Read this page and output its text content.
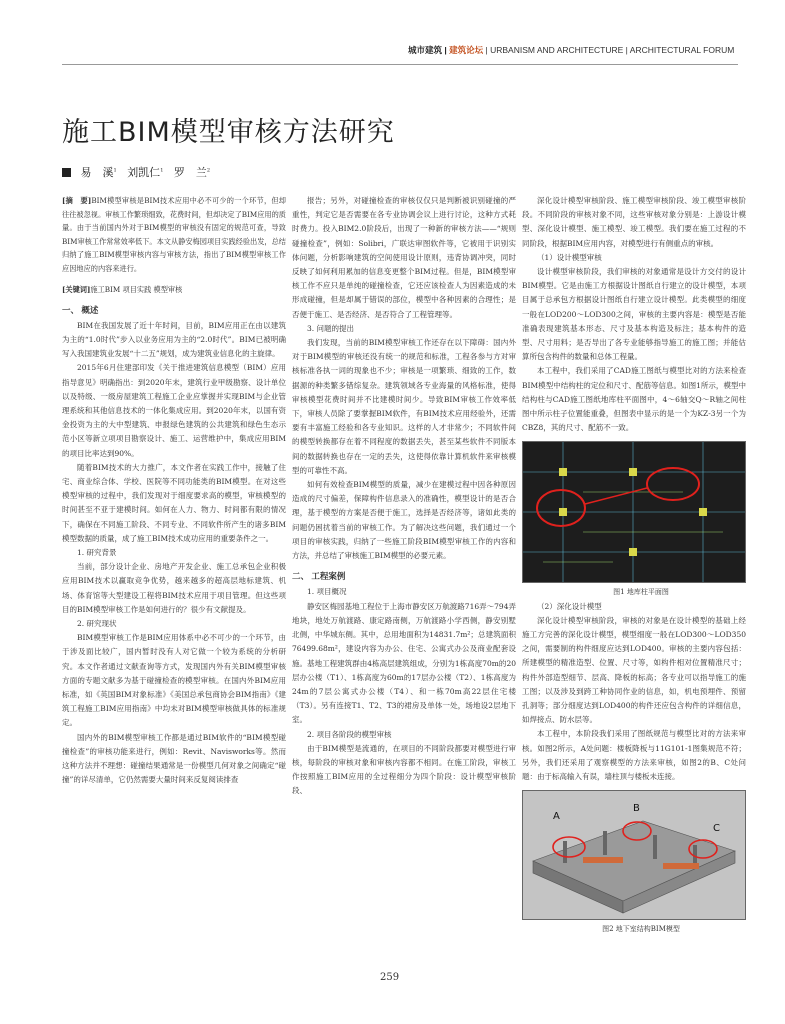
城市建筑 | 建筑论坛 | URBANISM AND ARCHITECTURE | ARCHITECTURAL FORUM
施工BIM模型审核方法研究
易　溪$^1$ 刘凯仁$^1$ 罗　兰$^2$

[摘　要]BIM模型审核是BIM技术应用中必不可少的一个环节，但却往往被忽视。审核工作繁琐细致，花费时间，但却决定了BIM应用的质量。由于当前国内外对于BIM模型的审核没有固定的规范可查，导致BIM审核工作常常效率低下。本文从静安梅园项目实践经验出发，总结归纳了施工BIM模型审核内容与审核方法，指出了BIM模型审核工作应因地应的内容来进行。

[关键词]施工BIM 项目实践 模型审核

一、 概述

BIM在我国发展了近十年时间，目前，BIM应用正在由以建筑为主的“1.0时代”步入以业务应用为主的“2.0时代”。BIM已被明确写入我国建筑业发展“十二五”规划，成为建筑业信息化的主旋律。

2015年6月住建部印发《关于推进建筑信息模型（BIM）应用指导意见》明确指出：到2020年末，建筑行业甲级勘察、设计单位以及特级、一级房屋建筑工程施工企业应掌握并实现BIM与企业管理系统和其他信息技术的一体化集成应用。到2020年末，以国有资金投资为主的大中型建筑、申报绿色建筑的公共建筑和绿色生态示范小区等新立项项目勘察设计、施工、运营维护中，集成应用BIM的项目比率达到90%。

随着BIM技术的大力推广，本文作者在实践工作中，接触了住宅、商业综合体、学校、医院等不同功能类的BIM模型。在对这些模型审核的过程中，我们发现对于细度要求高的模型，审核模型的时间甚至不亚于建模时间。如何在人力、物力、时间都有限的情况下，确保在不同施工阶段、不同专业、不同软件所产生的诸多BIM模型数据的质量，成了施工BIM技术成功应用的重要条件之一。

1. 研究背景

当前，部分设计企业、房地产开发企业、施工总承包企业积极应用BIM技术以赢取竞争优势，越来越多的超高层地标建筑、机场、体育馆等大型建设工程将BIM技术应用于项目管理。但这些项目的BIM模型审核工作是如何进行的？很少有文献提及。

2. 研究现状

BIM模型审核工作是BIM应用体系中必不可少的一个环节，由于涉及面比较广，国内暂时没有人对它做一个较为系统的分析研究。本文作者通过文献查询等方式，发现国内外有关BIM模型审核方面的专题文献多为基于碰撞检查的模型审核。在国内外BIM应用标准，如《英国BIM对象标准》《美国总承包商协会BIM指南》《建筑工程施工BIM应用指南》中均未对BIM模型审核做具体的标准规定。

国内外的BIM模型审核工作都是通过BIM软件的“BIM模型碰撞检查”的审核功能来进行，例如：Revit、Navisworks等。然而这种方法并不理想：碰撞结果通常是一份模型几何对象之间确定“碰撞”的详尽清单，它仍然需要大量时间来反复阅读排查

报告；另外，对碰撞检查的审核仅仅只是判断被识别碰撞的严重性，判定它是否需要在各专业协调会议上进行讨论，这种方式耗时费力。投入BIM2.0阶段后，出现了一种新的审核方法——“规则碰撞检查”，例如：Solibri，广联达审图软件等，它被用于识别实体问题，分析影响建筑的空间使用设计原则，违背协调冲突，同时反映了如何利用累加的信息变更整个BIM过程。但是，BIM模型审核工作不应只是单纯的碰撞检查，它还应该检查人为因素造成的未形成碰撞，但是却属于错误的部位，模型中各种因素的合理性；是否便于施工、是否经济、是否符合了工程管理等。

3. 问题的提出

我们发现，当前的BIM模型审核工作还存在以下障碍：国内外对于BIM模型的审核还没有统一的规范和标准，工程各参与方对审核标准各执一词的现象也不少；审核是一项繁琐、细致的工作，数据源的种类繁多错综复杂。建筑领域各专业海量的风格标准，使得审核模型花费时间并不比建模时间少。导致BIM审核工作效率低下，审核人员除了要掌握BIM软件，有BIM技术应用经验外，还需要有丰富施工经验和各专业知识。这样的人才非常少；不同软件间的模型转换都存在着不同程度的数据丢失，甚至某些软件不同版本间的数据转换也存在一定的丢失，这使得依靠计算机软件来审核模型的可靠性不高。

如何有效检查BIM模型的质量，减少在建模过程中因各种原因造成的尺寸偏差，保障构件信息录入的准确性，模型设计的是否合理，基于模型的方案是否便于施工，选择是否经济等，诸如此类的问题仍困扰着当前的审核工作。为了解决这些问题，我们通过一个项目的审核实践，归纳了一些施工阶段BIM模型审核工作的内容和方法，并总结了审核施工BIM模型的必要元素。

二、 工程案例

1. 项目概况

静安区梅园基地工程位于上海市静安区万航渡路716弄～794弄地块，地处万航渡路、康定路南侧，万航渡路小学西侧，静安别墅北侧，中华城东侧。其中，总用地面积为14831.7m²；总建筑面积76499.68m²，建设内容为办公、住宅、公寓式办公及商业配套设施。基地工程建筑群由4栋高层建筑组成，分别为1栋高度70m的20层办公楼（T1）、1栋高度为60m的17层办公楼（T2）、1栋高度为24m的7层公寓式办公楼（T4）、和一栋70m高22层住宅楼（T3）。另有连接T1、T2、T3的裙房及单体一处，场地设2层地下室。

2. 项目各阶段的模型审核

由于BIM模型是流通的，在项目的不同阶段都要对模型进行审核，每阶段的审核对象和审核内容都不相同。在施工阶段，审核工作按照施工BIM应用的全过程细分为四个阶段：设计模型审核阶段、

深化设计模型审核阶段、施工模型审核阶段、竣工模型审核阶段。不同阶段的审核对象不同，这些审核对象分别是：上游设计模型、深化设计模型、施工模型、竣工模型。我们要在施工过程的不同阶段，根据BIM应用内容，对模型进行有侧重点的审核。

（1）设计模型审核

设计模型审核阶段，我们审核的对象通常是设计方交付的设计BIM模型。它是由施工方根据设计图纸自行建立的设计模型，本项目属于总承包方根据设计图纸自行建立设计模型。此类模型的细度一般在LOD200～LOD300之间，审核的主要内容是：模型是否能准确表现建筑基本形态、尺寸及基本构造及标注；基本构件的造型、尺寸用料；是否导出了各专业能够指导施工的施工图；并能估算所包含构件的数量和总体工程量。

本工程中，我们采用了CAD施工图纸与模型比对的方法来检查BIM模型中结构柱的定位和尺寸、配筋等信息。如图1所示，模型中结构柱与CAD施工图纸地库柱平面图中，4～6轴交Q～R轴之间柱图中所示柱子位置能重叠，但图表中显示的是一个为KZ-3另一个为CBZ8，其的尺寸、配筋不一致。

图1 地库柱平面图

（2）深化设计模型

深化设计模型审核阶段，审核的对象是在设计模型的基础上经施工方完善的深化设计模型，模型细度一般在LOD300～LOD350之间，需要制的构件细度应达到LOD400。审核的主要内容包括：所建模型的精准造型、位置、尺寸等，如构件相对位置精准尺寸；构件外部造型细节、层高、降板的标高；各专业可以指导施工的施工图；以及涉及到跨工种协同作业的信息，如，机电预埋件、预留孔洞等；部分细度达到LOD400的构件还应包含构件的详细信息，如焊接点、防水层等。

本工程中，本阶段我们采用了图纸规范与模型比对的方法来审核。如图2所示，A处问题：楼板降板与11G101-1图集规范不符；另外，我们还采用了观察模型的方法来审核，如图2的B、C处问题：由于标高输入有误，墙柱顶与楼板未连接。

A
B
C

图2 地下室结构BIM模型

259
